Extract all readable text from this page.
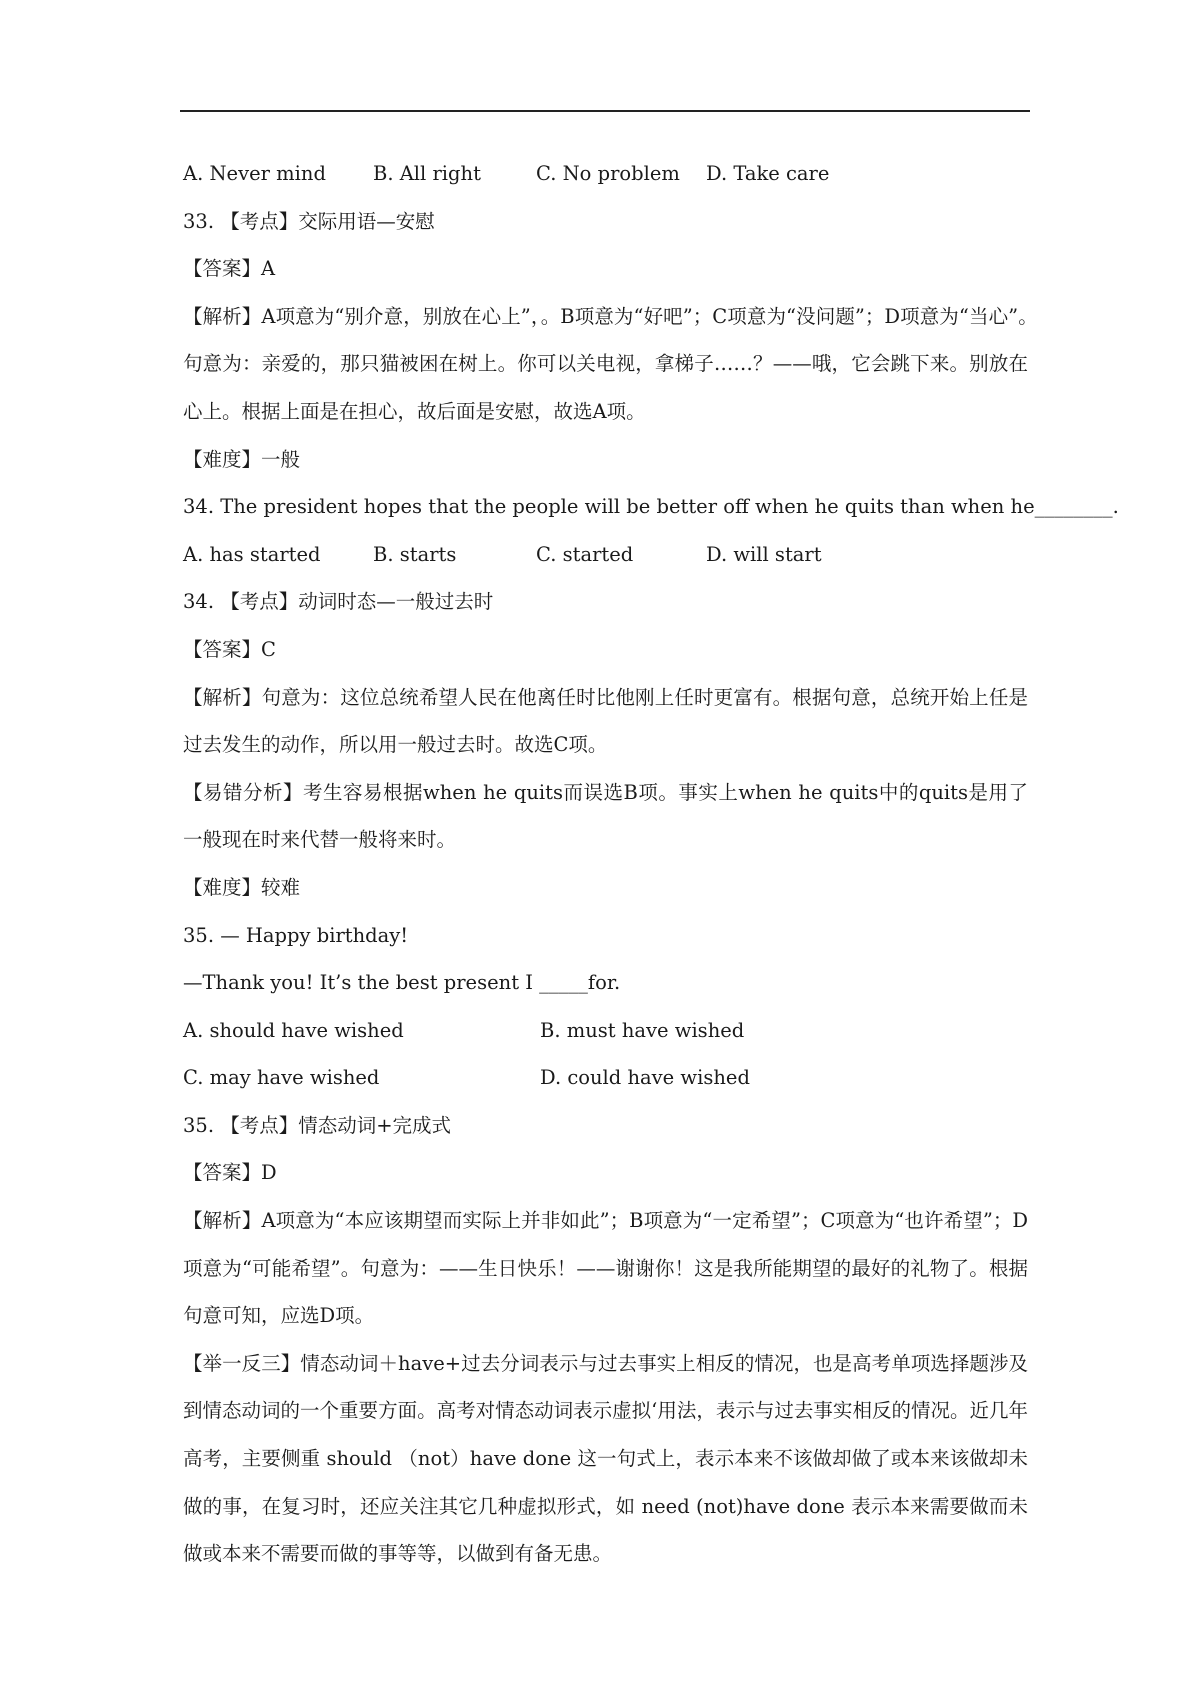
A. Never mind	B. All right	C. No problem	D. Take care

33. 【考点】交际用语—安慰

【答案】A

【解析】A项意为“别介意，别放在心上”，。B项意为“好吧”；C项意为“没问题”；D项意为“当心”。　句意为：亲爱的，那只猫被困在树上。你可以关电视，拿梯子……？——哦，它会跳下来。别放在心上。根据上面是在担心，故后面是安慰，故选A项。

【难度】一般

34. The president hopes that the people will be better off when he quits than when he________.

A. has started	B. starts	C. started	D. will start

34. 【考点】动词时态—一般过去时

【答案】C

【解析】句意为：这位总统希望人民在他离任时比他刚上任时更富有。根据句意，总统开始上任是过去发生的动作，所以用一般过去时。故选C项。

【易错分析】考生容易根据when he quits而误选B项。事实上when he quits中的quits是用了一般现在时来代替一般将来时。

【难度】较难

35. — Happy birthday!

—Thank you! It’s the best present I _____for.

A. should have wished	B. must have wished
C. may have wished	D. could have wished

35. 【考点】情态动词+完成式

【答案】D

【解析】A项意为“本应该期望而实际上并非如此”；B项意为“一定希望”；C项意为“也许希望”；D项意为“可能希望”。句意为：——生日快乐！——谢谢你！这是我所能期望的最好的礼物了。根据句意可知，应选D项。

【举一反三】情态动词＋have+过去分词表示与过去事实上相反的情况，也是高考单项选择题涉及到情态动词的一个重要方面。高考对情态动词表示虚拟‘用法，表示与过去事实相反的情况。近几年高考，主要侧重 should （not）have done 这一句式上，表示本来不该做却做了或本来该做却未做的事，在复习时，还应关注其它几种虚拟形式，如 need (not)have done 表示本来需要做而未做或本来不需要而做的事等等，以做到有备无患。
